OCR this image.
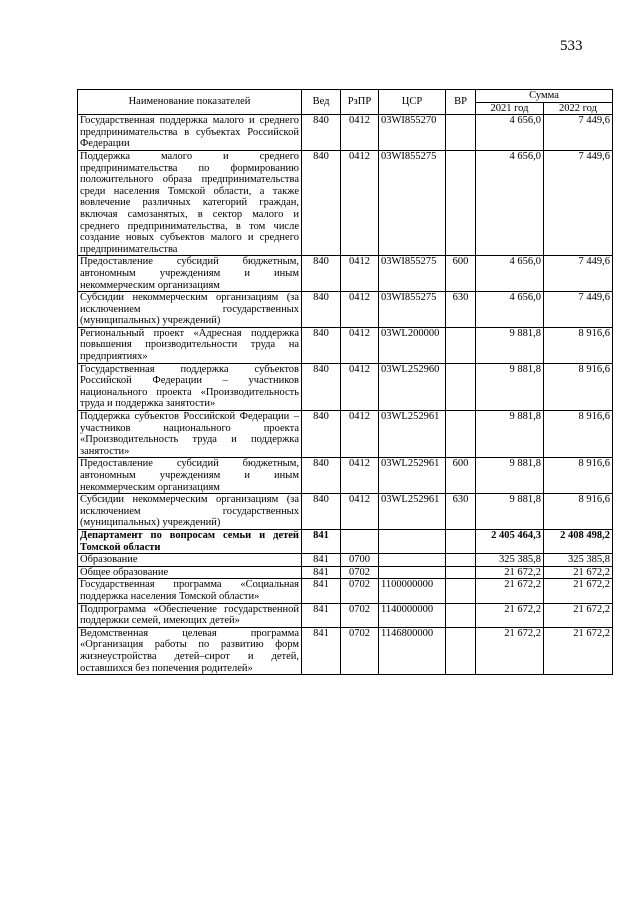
533
Наименование показателей	Вед	РзПР	ЦСР	ВР	Сумма	
					2021 год	2022 год
Государственная поддержка малого и среднего предпринимательства в субъектах Российской Федерации	840	0412	03WI855270		4 656,0	7 449,6
Поддержка малого и среднего предпринимательства по формированию положительного образа предпринимательства среди населения Томской области, а также вовлечение различных категорий граждан, включая самозанятых, в сектор малого и среднего предпринимательства, в том числе создание новых субъектов малого и среднего предпринимательства	840	0412	03WI855275		4 656,0	7 449,6
Предоставление субсидий бюджетным, автономным учреждениям и иным некоммерческим организациям	840	0412	03WI855275	600	4 656,0	7 449,6
Субсидии некоммерческим организациям (за исключением государственных (муниципальных) учреждений)	840	0412	03WI855275	630	4 656,0	7 449,6
Региональный проект «Адресная поддержка повышения производительности труда на предприятиях»	840	0412	03WL200000		9 881,8	8 916,6
Государственная поддержка субъектов Российской Федерации – участников национального проекта «Производительность труда и поддержка занятости»	840	0412	03WL252960		9 881,8	8 916,6
Поддержка субъектов Российской Федерации – участников национального проекта «Производительность труда и поддержка занятости»	840	0412	03WL252961		9 881,8	8 916,6
Предоставление субсидий бюджетным, автономным учреждениям и иным некоммерческим организациям	840	0412	03WL252961	600	9 881,8	8 916,6
Субсидии некоммерческим организациям (за исключением государственных (муниципальных) учреждений)	840	0412	03WL252961	630	9 881,8	8 916,6
Департамент по вопросам семьи и детей Томской области	841				2 405 464,3	2 408 498,2
Образование	841	0700			325 385,8	325 385,8
Общее образование	841	0702			21 672,2	21 672,2
Государственная программа «Социальная поддержка населения Томской области»	841	0702	1100000000		21 672,2	21 672,2
Подпрограмма «Обеспечение государственной поддержки семей, имеющих детей»	841	0702	1140000000		21 672,2	21 672,2
Ведомственная целевая программа «Организация работы по развитию форм жизнеустройства детей–сирот и детей, оставшихся без попечения родителей»	841	0702	1146800000		21 672,2	21 672,2
